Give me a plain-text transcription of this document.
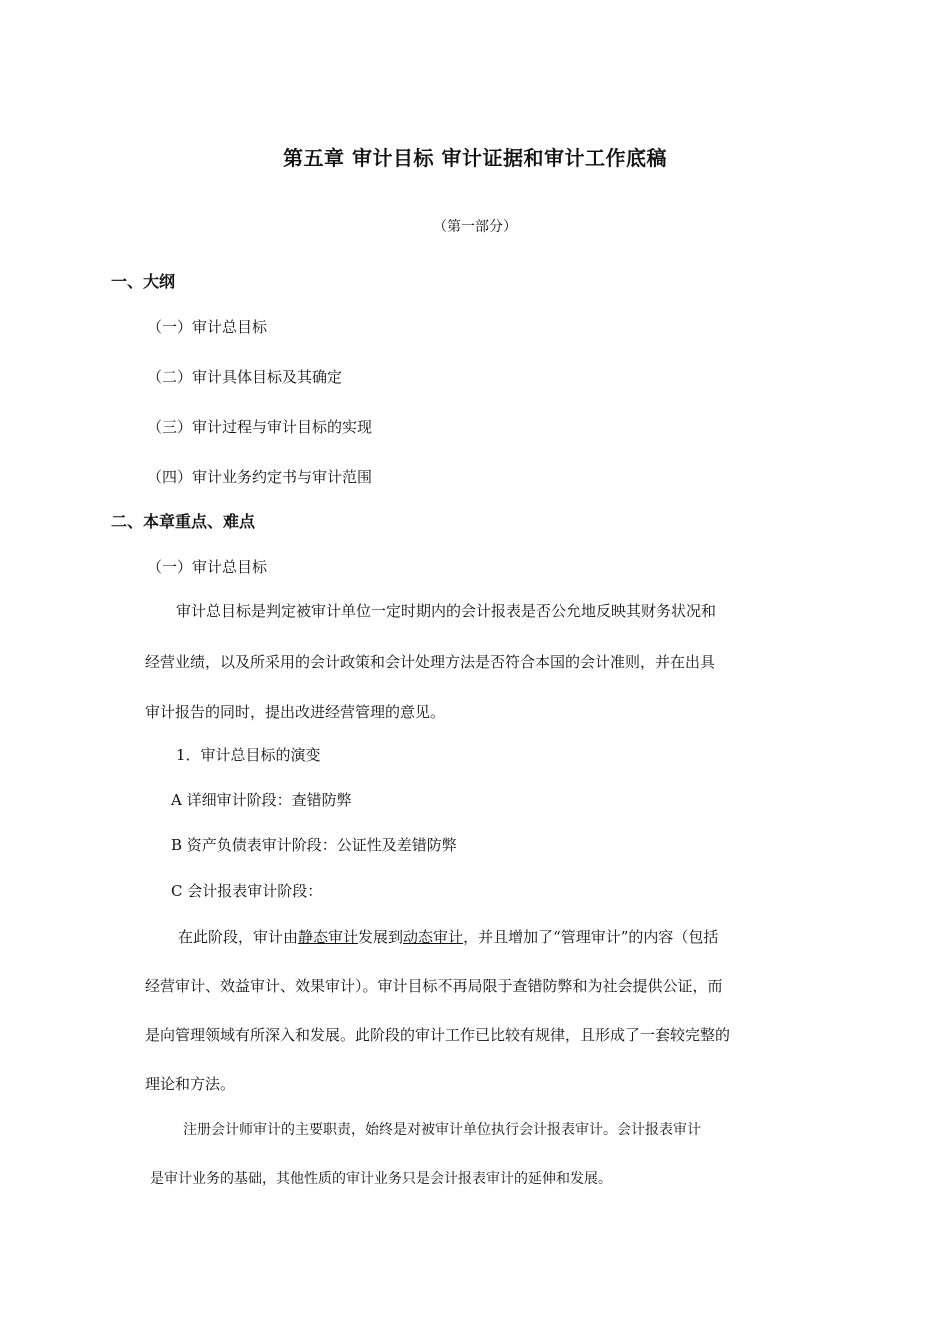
第五章 审计目标 审计证据和审计工作底稿
（第一部分）
一、大纲
（一）审计总目标
（二）审计具体目标及其确定
（三）审计过程与审计目标的实现
（四）审计业务约定书与审计范围
二、本章重点、难点
（一）审计总目标
审计总目标是判定被审计单位一定时期内的会计报表是否公允地反映其财务状况和
经营业绩，以及所采用的会计政策和会计处理方法是否符合本国的会计准则，并在出具
审计报告的同时，提出改进经营管理的意见。
1．审计总目标的演变
A 详细审计阶段：查错防弊
B 资产负债表审计阶段：公证性及差错防弊
C 会计报表审计阶段：
在此阶段，审计由静态审计发展到动态审计，并且增加了“管理审计”的内容（包括
经营审计、效益审计、效果审计）。审计目标不再局限于查错防弊和为社会提供公证，而
是向管理领域有所深入和发展。此阶段的审计工作已比较有规律，且形成了一套较完整的
理论和方法。
注册会计师审计的主要职责，始终是对被审计单位执行会计报表审计。会计报表审计
是审计业务的基础，其他性质的审计业务只是会计报表审计的延伸和发展。
